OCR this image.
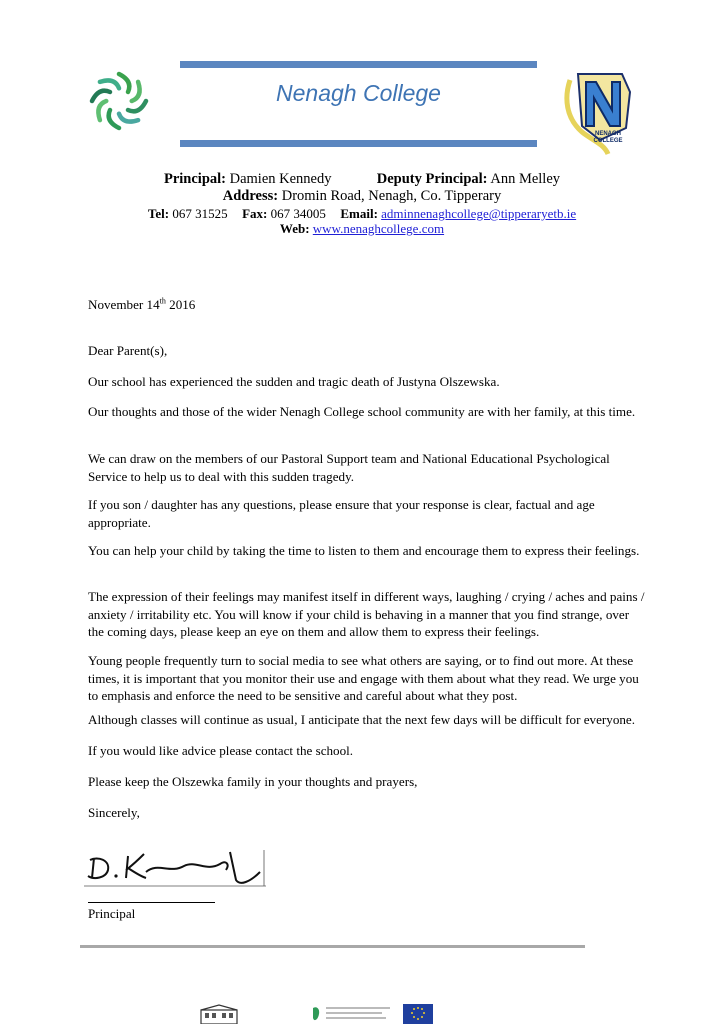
Nenagh College
NENAGH
COLLEGE
Principal: Damien Kennedy	Deputy Principal: Ann Melley
Address: Dromin Road, Nenagh, Co. Tipperary
Tel: 067 31525 Fax: 067 34005 Email: adminnenaghcollege@tipperaryetb.ie
Web: www.nenaghcollege.com
November 14th 2016

Dear Parent(s),

Our school has experienced the sudden and tragic death of Justyna Olszewska.

Our thoughts and those of the wider Nenagh College school community are with her family, at this time.

We can draw on the members of our Pastoral Support team and National Educational Psychological Service to help us to deal with this sudden tragedy.

If you son / daughter has any questions, please ensure that your response is clear, factual and age appropriate.

You can help your child by taking the time to listen to them and encourage them to express their feelings.

The expression of their feelings may manifest itself in different ways, laughing / crying / aches and pains / anxiety / irritability etc. You will know if your child is behaving in a manner that you find strange, over the coming days, please keep an eye on them and allow them to express their feelings.

Young people frequently turn to social media to see what others are saying, or to find out more. At these times, it is important that you monitor their use and engage with them about what they read. We urge you to emphasis and enforce the need to be sensitive and careful about what they post.

Although classes will continue as usual, I anticipate that the next few days will be difficult for everyone.

If you would like advice please contact the school.

Please keep the Olszewka family in your thoughts and prayers,

Sincerely,

Principal
